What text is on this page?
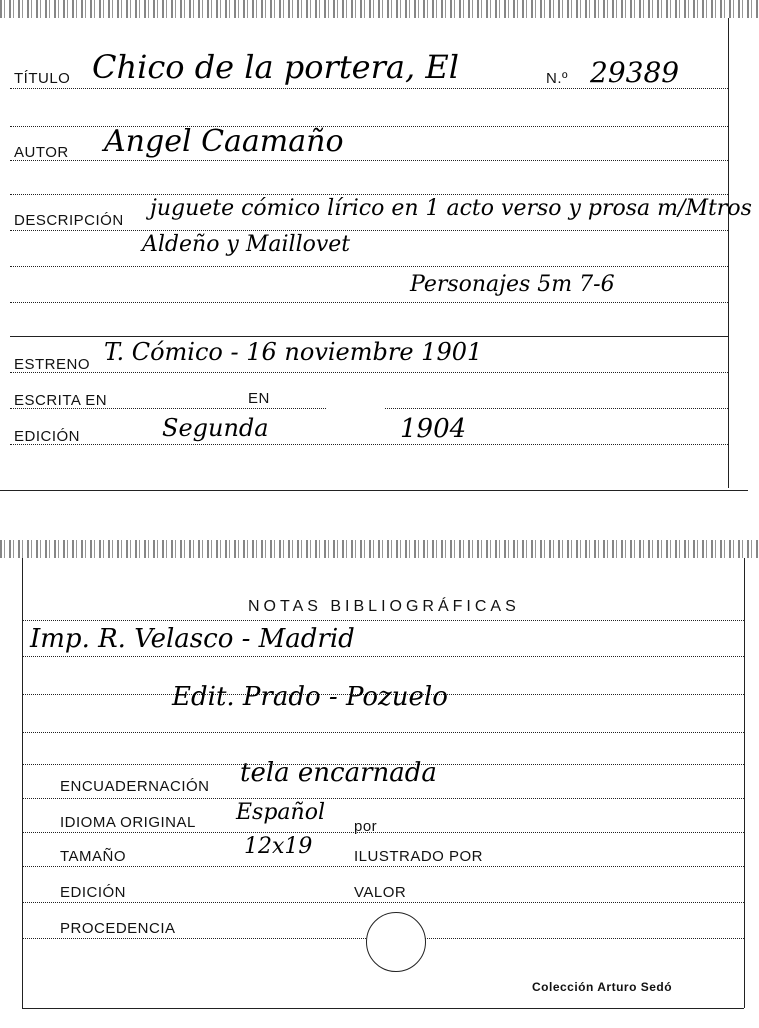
TÍTULO Chico de la portera, El	N.º 29389
AUTOR Angel Caamaño
DESCRIPCIÓN juguete cómico lírico en 1 acto verso y prosa m/Mtros
Aldeño y Maillovet
Personajes 5m 7-6
ESTRENO T. Cómico - 16 noviembre 1901
ESCRITA EN	EN
EDICIÓN	Segunda	1904
NOTAS BIBLIOGRÁFICAS
Imp. R. Velasco - Madrid
Edit. Prado - Pozuelo
ENCUADERNACIÓN tela encarnada
IDIOMA ORIGINAL Español
por
TAMAÑO	12x19	ILUSTRADO POR
EDICIÓN	VALOR
PROCEDENCIA
Colección Arturo Sedó
